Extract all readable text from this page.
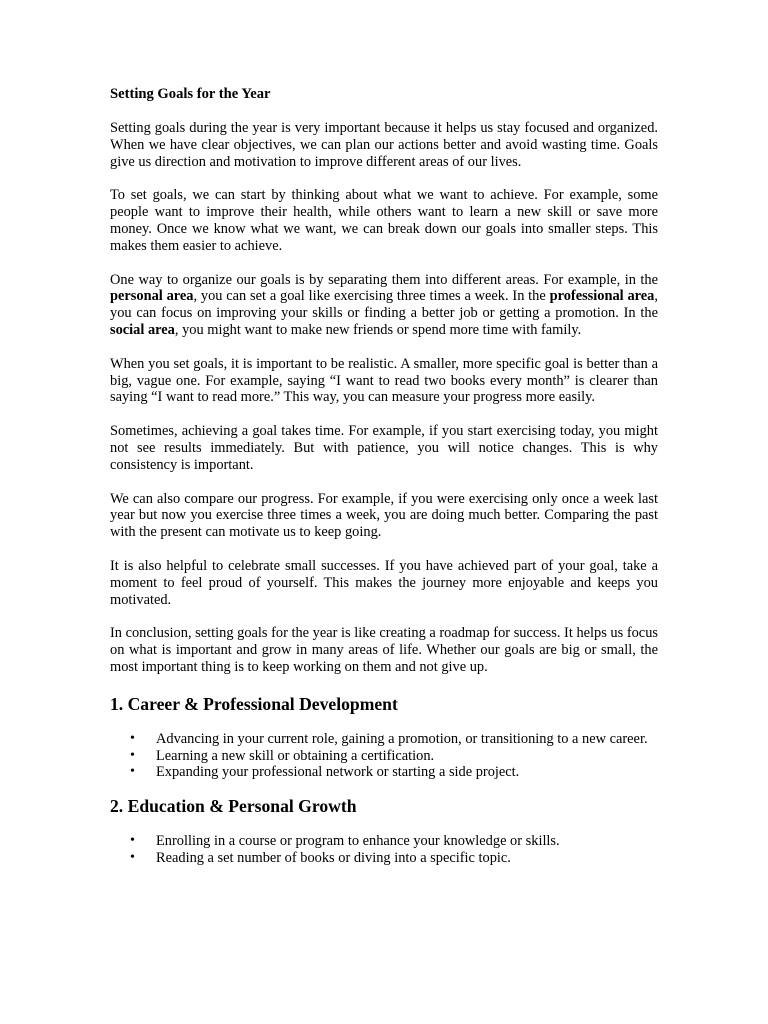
Setting Goals for the Year

Setting goals during the year is very important because it helps us stay focused and organized. When we have clear objectives, we can plan our actions better and avoid wasting time. Goals give us direction and motivation to improve different areas of our lives.

To set goals, we can start by thinking about what we want to achieve. For example, some people want to improve their health, while others want to learn a new skill or save more money. Once we know what we want, we can break down our goals into smaller steps. This makes them easier to achieve.

One way to organize our goals is by separating them into different areas. For example, in the personal area, you can set a goal like exercising three times a week. In the professional area, you can focus on improving your skills or finding a better job or getting a promotion. In the social area, you might want to make new friends or spend more time with family.

When you set goals, it is important to be realistic. A smaller, more specific goal is better than a big, vague one. For example, saying “I want to read two books every month” is clearer than saying “I want to read more.” This way, you can measure your progress more easily.

Sometimes, achieving a goal takes time. For example, if you start exercising today, you might not see results immediately. But with patience, you will notice changes. This is why consistency is important.

We can also compare our progress. For example, if you were exercising only once a week last year but now you exercise three times a week, you are doing much better. Comparing the past with the present can motivate us to keep going.

It is also helpful to celebrate small successes. If you have achieved part of your goal, take a moment to feel proud of yourself. This makes the journey more enjoyable and keeps you motivated.

In conclusion, setting goals for the year is like creating a roadmap for success. It helps us focus on what is important and grow in many areas of life. Whether our goals are big or small, the most important thing is to keep working on them and not give up.

1. Career & Professional Development
• Advancing in your current role, gaining a promotion, or transitioning to a new career.
• Learning a new skill or obtaining a certification.
• Expanding your professional network or starting a side project.
2. Education & Personal Growth
• Enrolling in a course or program to enhance your knowledge or skills.
• Reading a set number of books or diving into a specific topic.
